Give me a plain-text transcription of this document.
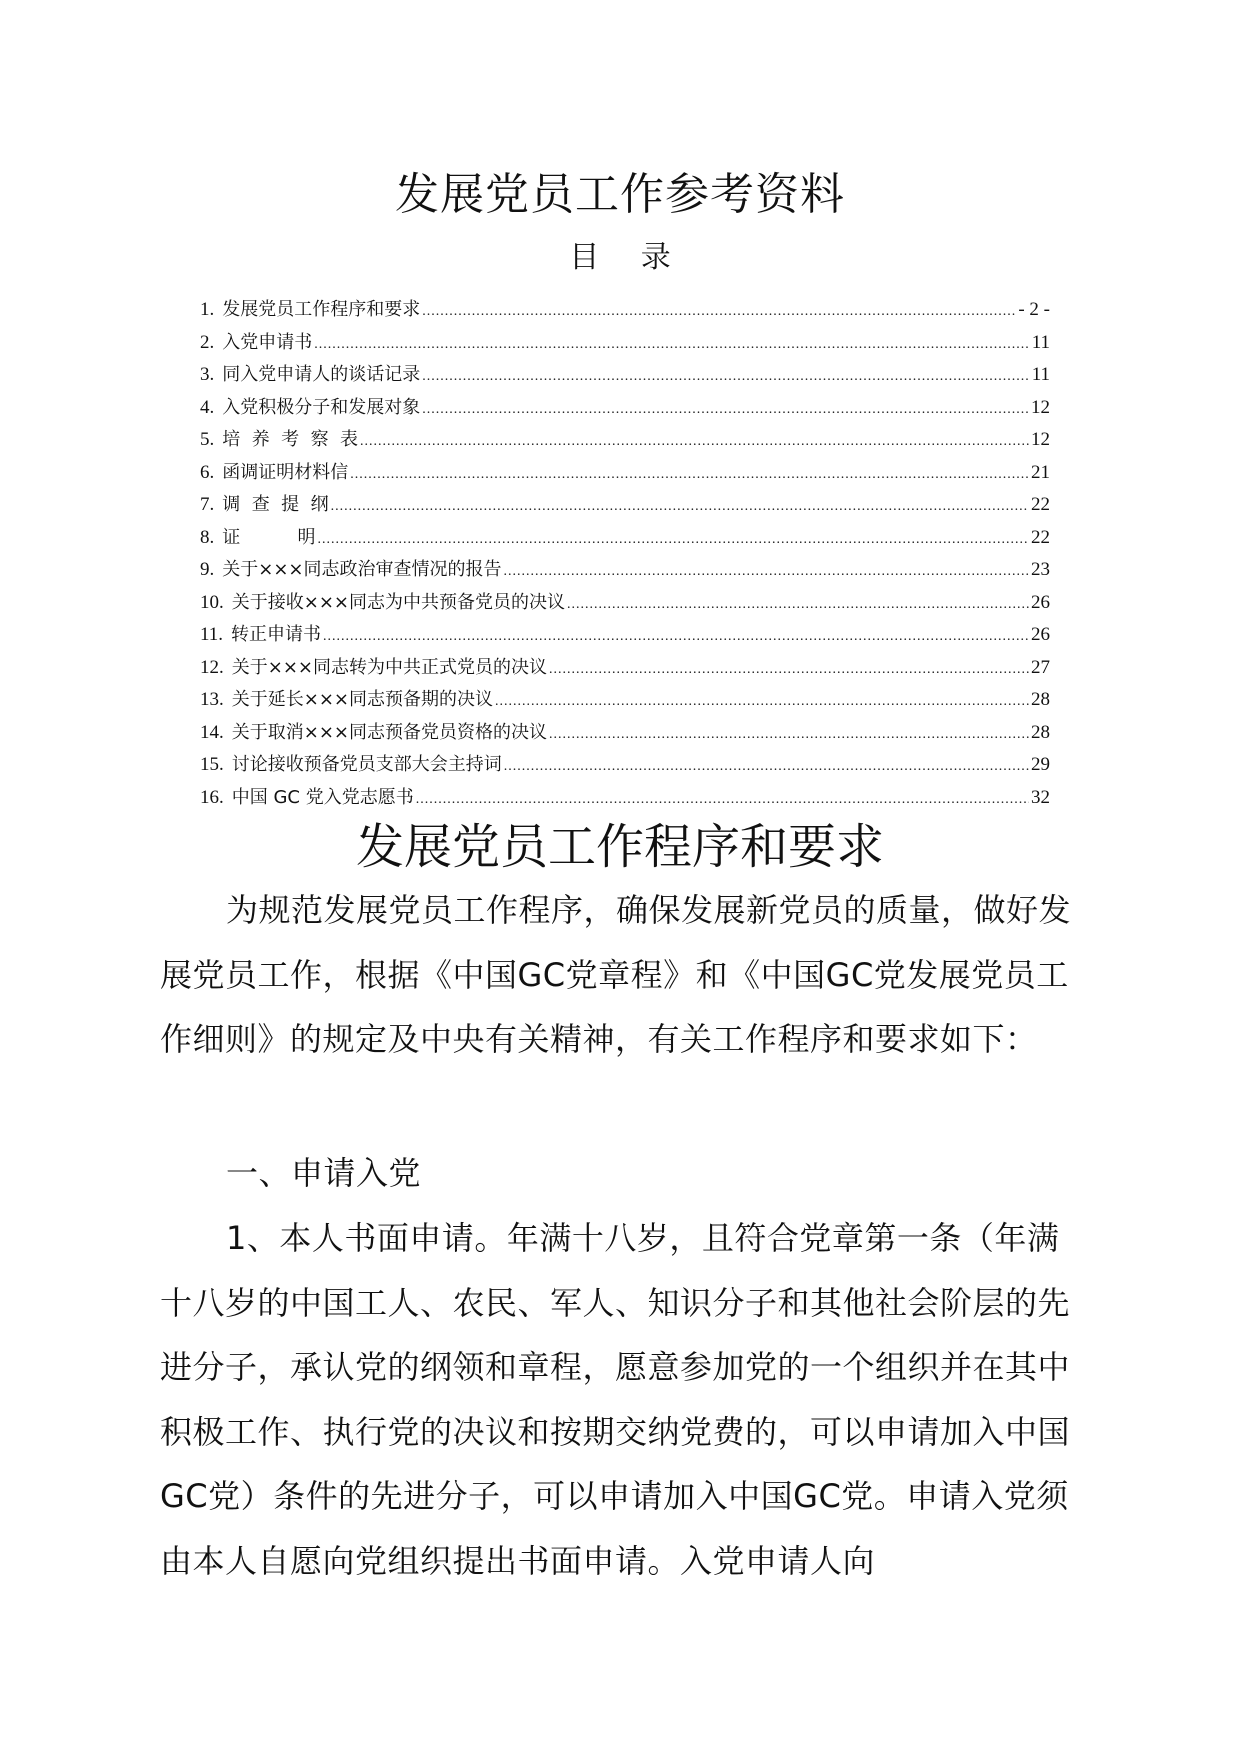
发展党员工作参考资料
目 录
1. 发展党员工作程序和要求 .....	- 2 -
2. 入党申请书 .....	11
3. 同入党申请人的谈话记录 .....	11
4. 入党积极分子和发展对象 .....	12
5. 培  养  考  察  表 .....	12
6. 函调证明材料信 .....	21
7. 调  查  提  纲 .....	22
8. 证          明 .....	22
9. 关于×××同志政治审查情况的报告 .....	23
10. 关于接收×××同志为中共预备党员的决议 .....	26
11. 转正申请书 .....	26
12. 关于×××同志转为中共正式党员的决议 .....	27
13. 关于延长×××同志预备期的决议 .....	28
14. 关于取消×××同志预备党员资格的决议 .....	28
15. 讨论接收预备党员支部大会主持词 .....	29
16. 中国 GC 党入党志愿书 .....	32
发展党员工作程序和要求

为规范发展党员工作程序，确保发展新党员的质量，做好发展党员工作，根据《中国GC党章程》和《中国GC党发展党员工作细则》的规定及中央有关精神，有关工作程序和要求如下：

一、申请入党

1、本人书面申请。年满十八岁，且符合党章第一条（年满十八岁的中国工人、农民、军人、知识分子和其他社会阶层的先进分子，承认党的纲领和章程，愿意参加党的一个组织并在其中积极工作、执行党的决议和按期交纳党费的，可以申请加入中国GC党）条件的先进分子，可以申请加入中国GC党。申请入党须由本人自愿向党组织提出书面申请。入党申请人向
